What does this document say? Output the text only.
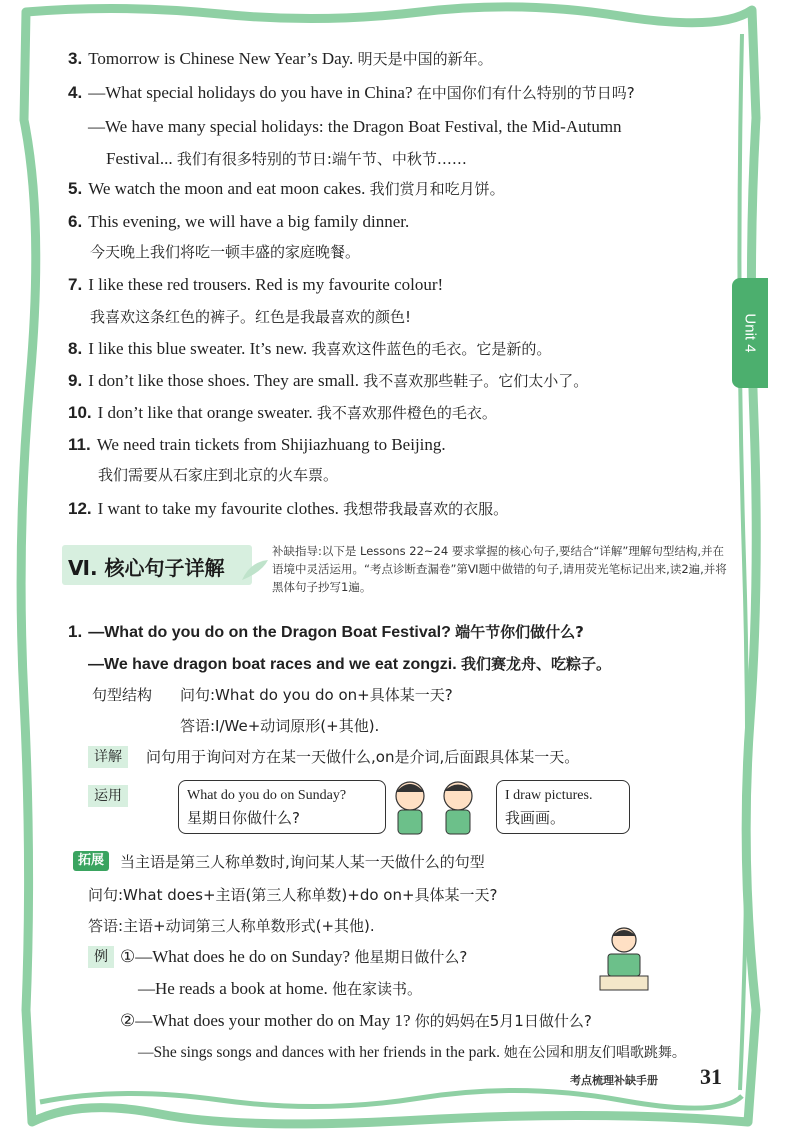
Unit 4
3. Tomorrow is Chinese New Year’s Day. 明天是中国的新年。
4. —What special holidays do you have in China? 在中国你们有什么特别的节日吗?
—We have many special holidays: the Dragon Boat Festival, the Mid-Autumn
Festival... 我们有很多特别的节日:端午节、中秋节……
5. We watch the moon and eat moon cakes. 我们赏月和吃月饼。
6. This evening, we will have a big family dinner.
今天晚上我们将吃一顿丰盛的家庭晚餐。
7. I like these red trousers. Red is my favourite colour!
我喜欢这条红色的裤子。红色是我最喜欢的颜色!
8. I like this blue sweater. It’s new. 我喜欢这件蓝色的毛衣。它是新的。
9. I don’t like those shoes. They are small. 我不喜欢那些鞋子。它们太小了。
10. I don’t like that orange sweater. 我不喜欢那件橙色的毛衣。
11. We need train tickets from Shijiazhuang to Beijing.
我们需要从石家庄到北京的火车票。
12. I want to take my favourite clothes. 我想带我最喜欢的衣服。
Ⅵ. 核心句子详解
补缺指导:以下是 Lessons 22~24 要求掌握的核心句子,要结合“详解”理解句型结构,并在语境中灵活运用。“考点诊断查漏卷”第Ⅵ题中做错的句子,请用荧光笔标记出来,读2遍,并将黑体句子抄写1遍。
1. —What do you do on the Dragon Boat Festival? 端午节你们做什么?
—We have dragon boat races and we eat zongzi. 我们赛龙舟、吃粽子。
句型结构 问句:What do you do on+具体某一天?
答语:I/We+动词原形(+其他).
详解	问句用于询问对方在某一天做什么,on是介词,后面跟具体某一天。
运用	What do you do on Sunday?
星期日你做什么?
I draw pictures.
我画画。
拓展	当主语是第三人称单数时,询问某人某一天做什么的句型
问句:What does+主语(第三人称单数)+do on+具体某一天?
答语:主语+动词第三人称单数形式(+其他).
例 ①—What does he do on Sunday? 他星期日做什么?
—He reads a book at home. 他在家读书。
②—What does your mother do on May 1? 你的妈妈在5月1日做什么?
—She sings songs and dances with her friends in the park. 她在公园和朋友们唱歌跳舞。
考点梳理补缺手册 31
